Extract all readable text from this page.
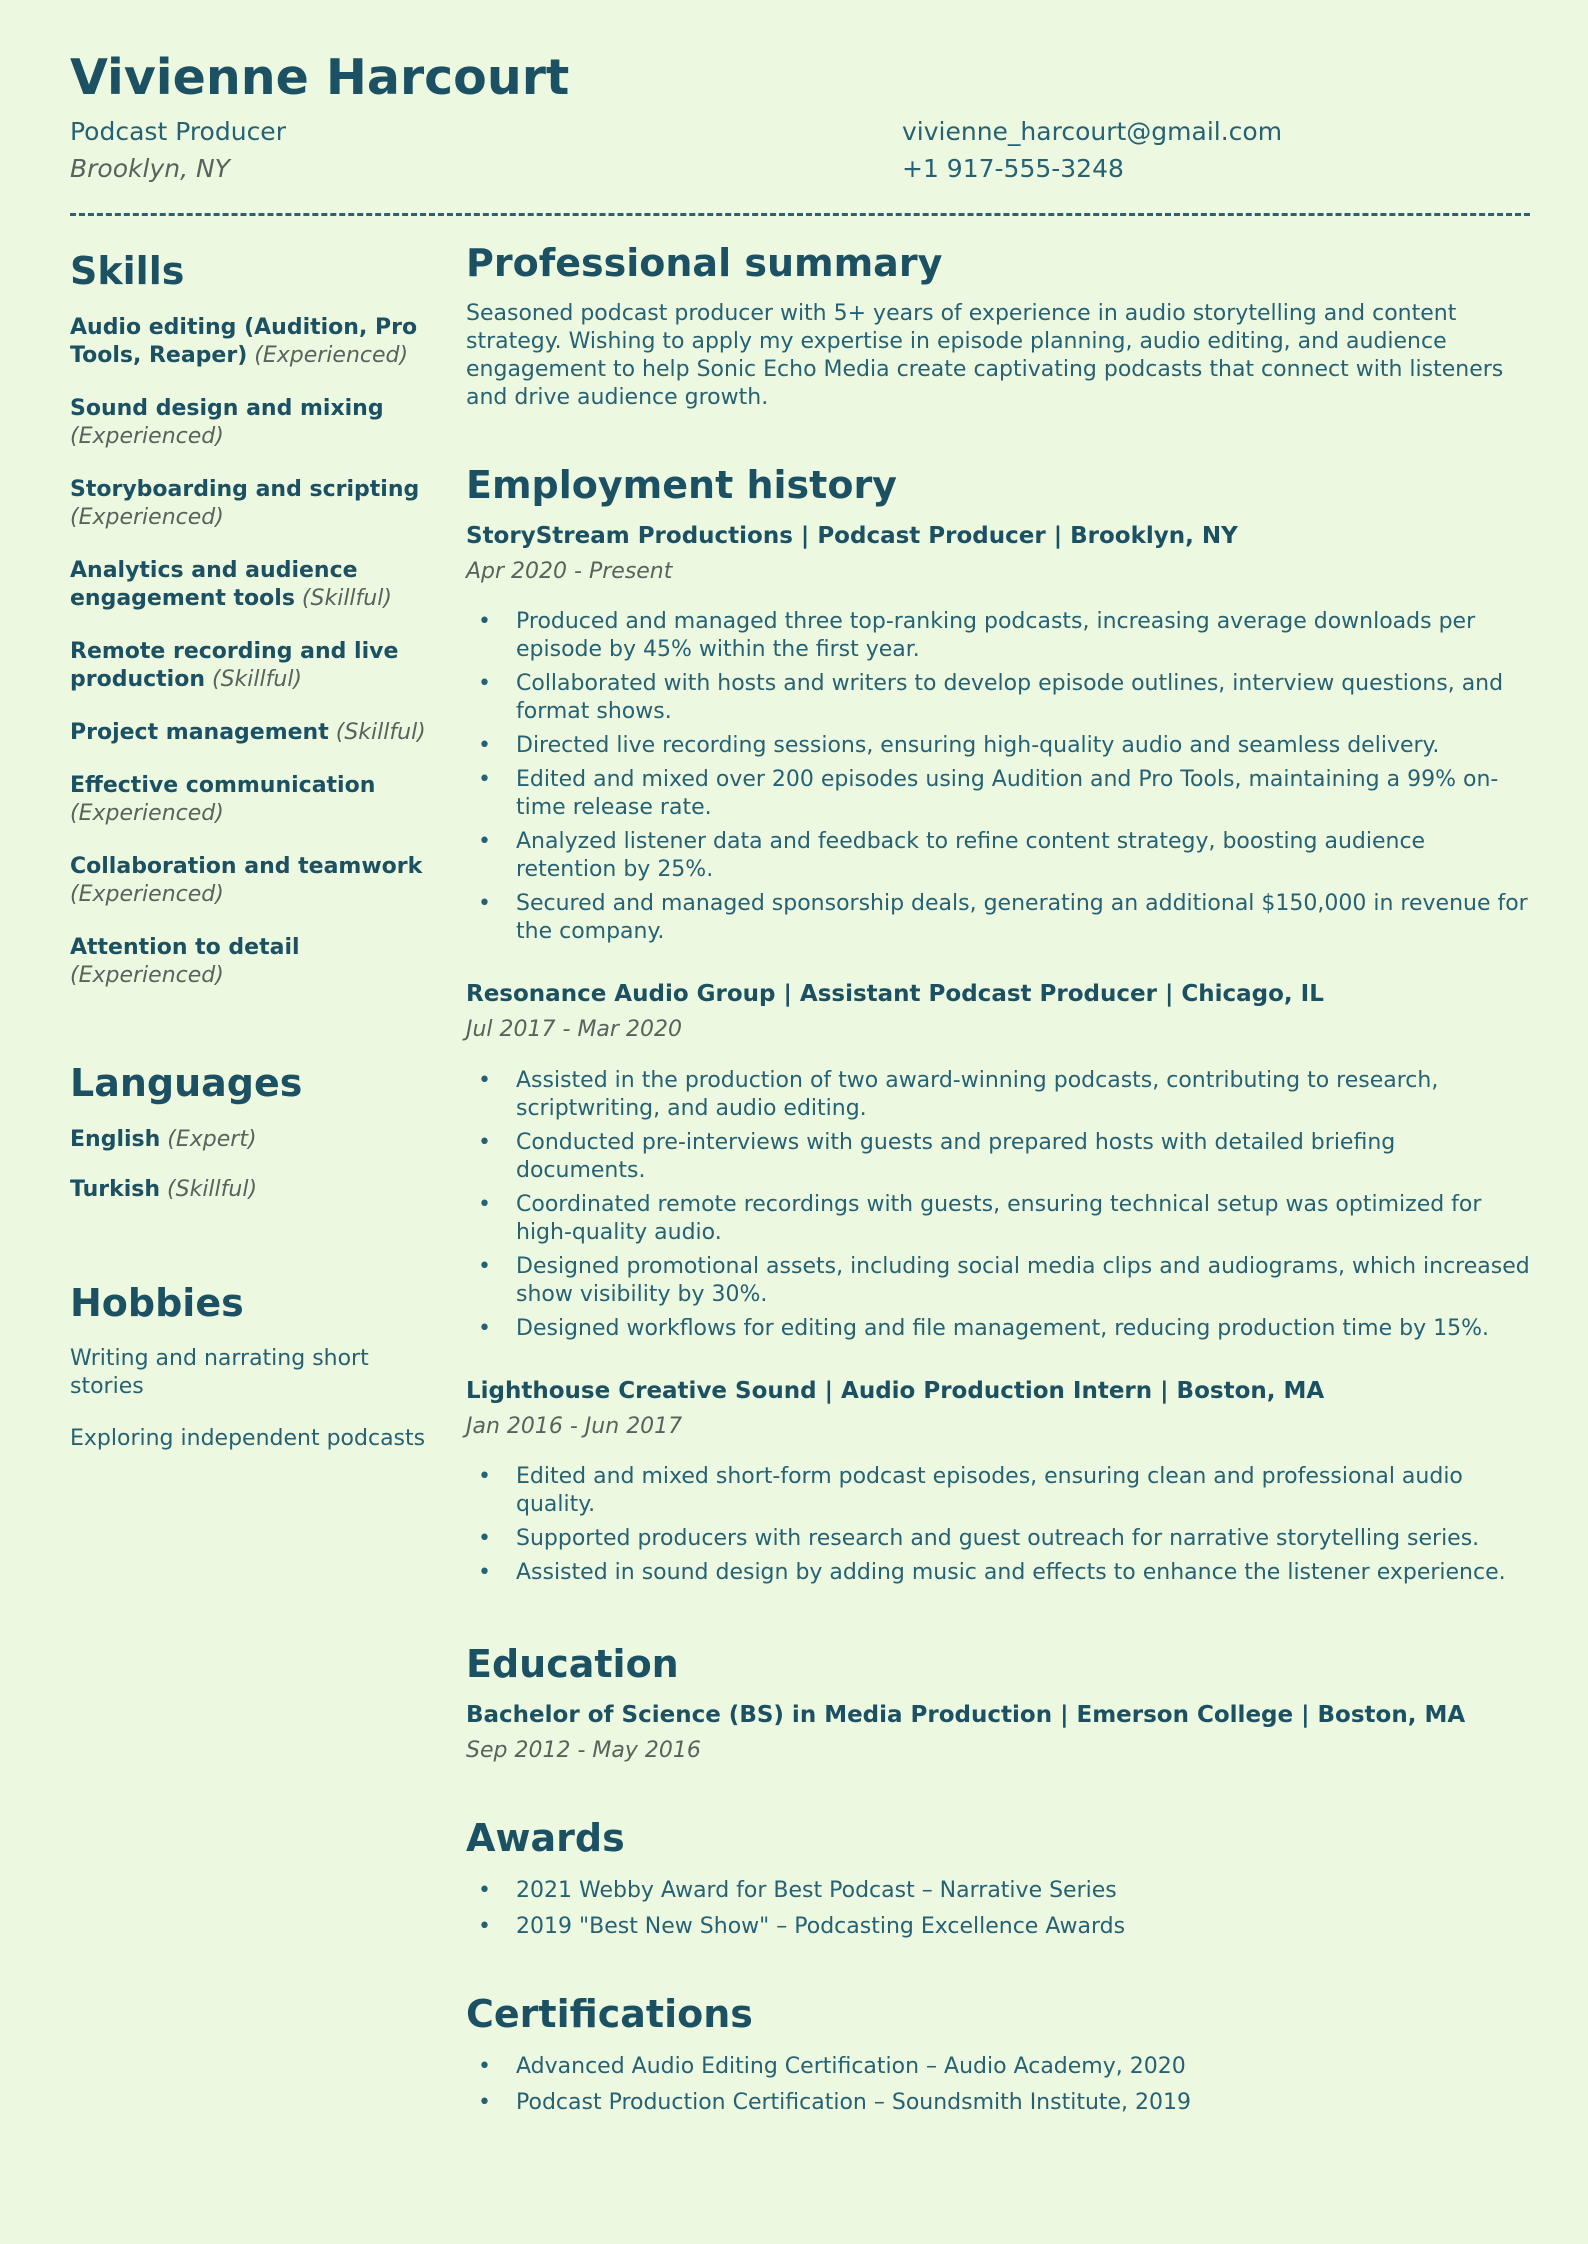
Vivienne Harcourt
Podcast Producer
Brooklyn, NY
vivienne_harcourt@gmail.com
+1 917-555-3248
Skills
Audio editing (Audition, Pro Tools, Reaper) (Experienced)
Sound design and mixing (Experienced)
Storyboarding and scripting (Experienced)
Analytics and audience engagement tools (Skillful)
Remote recording and live production (Skillful)
Project management (Skillful)
Effective communication (Experienced)
Collaboration and teamwork (Experienced)
Attention to detail (Experienced)
Languages
English (Expert)
Turkish (Skillful)
Hobbies
Writing and narrating short stories
Exploring independent podcasts
Professional summary

Seasoned podcast producer with 5+ years of experience in audio storytelling and content strategy. Wishing to apply my expertise in episode planning, audio editing, and audience engagement to help Sonic Echo Media create captivating podcasts that connect with listeners and drive audience growth.

Employment history
StoryStream Productions | Podcast Producer | Brooklyn, NY
Apr 2020 - Present
• Produced and managed three top-ranking podcasts, increasing average downloads per episode by 45% within the first year.
• Collaborated with hosts and writers to develop episode outlines, interview questions, and format shows.
• Directed live recording sessions, ensuring high-quality audio and seamless delivery.
• Edited and mixed over 200 episodes using Audition and Pro Tools, maintaining a 99% on-time release rate.
• Analyzed listener data and feedback to refine content strategy, boosting audience retention by 25%.
• Secured and managed sponsorship deals, generating an additional $150,000 in revenue for the company.
Resonance Audio Group | Assistant Podcast Producer | Chicago, IL
Jul 2017 - Mar 2020
• Assisted in the production of two award-winning podcasts, contributing to research, scriptwriting, and audio editing.
• Conducted pre-interviews with guests and prepared hosts with detailed briefing documents.
• Coordinated remote recordings with guests, ensuring technical setup was optimized for high-quality audio.
• Designed promotional assets, including social media clips and audiograms, which increased show visibility by 30%.
• Designed workflows for editing and file management, reducing production time by 15%.
Lighthouse Creative Sound | Audio Production Intern | Boston, MA
Jan 2016 - Jun 2017
• Edited and mixed short-form podcast episodes, ensuring clean and professional audio quality.
• Supported producers with research and guest outreach for narrative storytelling series.
• Assisted in sound design by adding music and effects to enhance the listener experience.
Education
Bachelor of Science (BS) in Media Production | Emerson College | Boston, MA
Sep 2012 - May 2016
Awards
• 2021 Webby Award for Best Podcast – Narrative Series
• 2019 "Best New Show" – Podcasting Excellence Awards
Certifications
• Advanced Audio Editing Certification – Audio Academy, 2020
• Podcast Production Certification – Soundsmith Institute, 2019
